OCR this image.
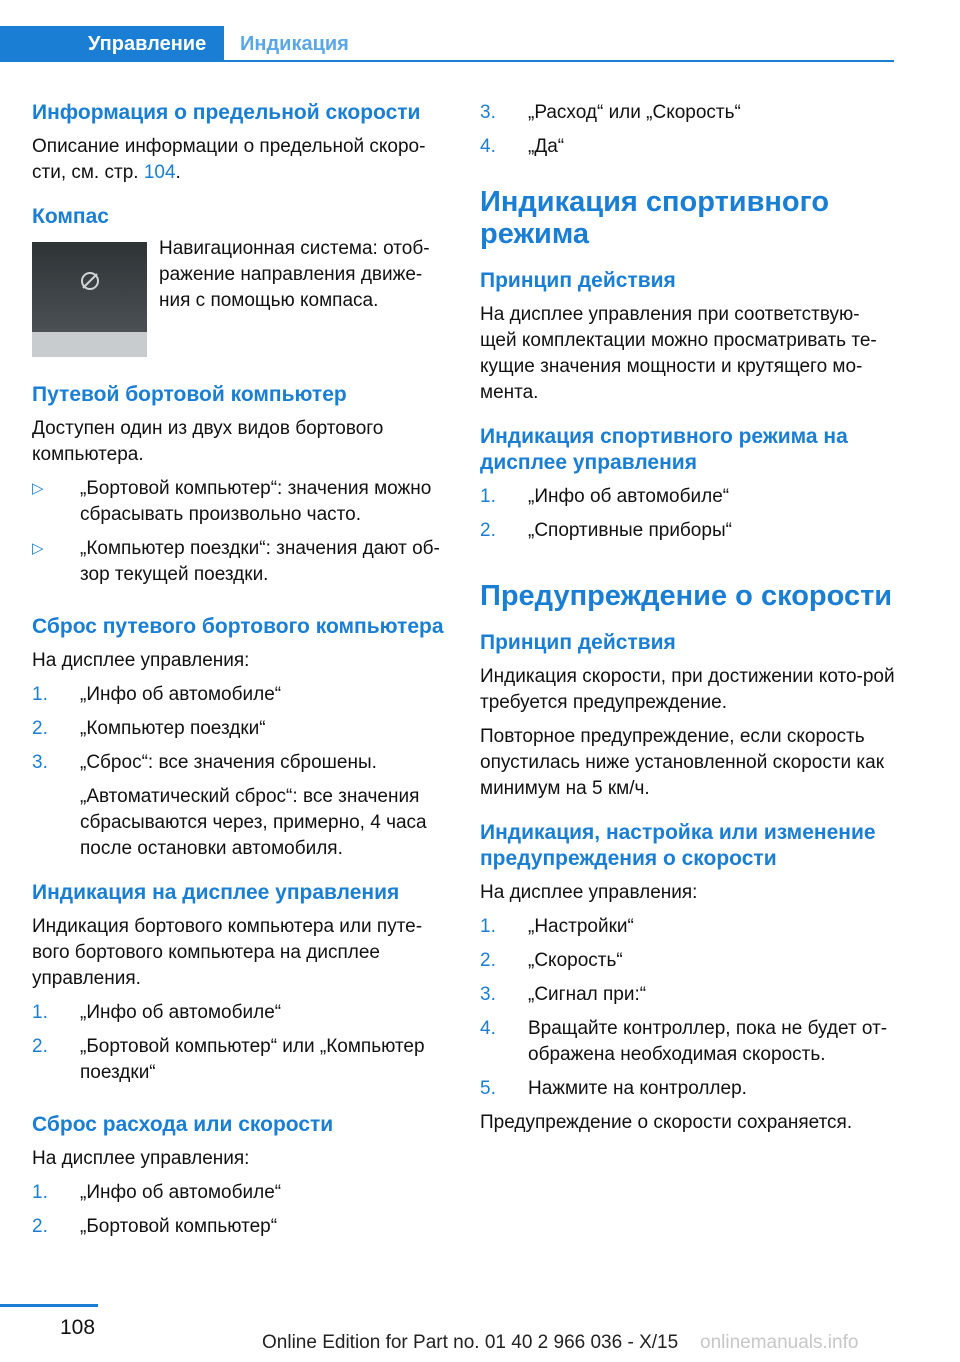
Управление	Индикация
Информация о предельной скорости

Описание информации о предельной скоро‐
сти, см. стр. 104.

Компас

Навигационная система: отоб‐
ражение направления движе‐
ния с помощью компаса.

Путевой бортовой компьютер

Доступен один из двух видов бортового компьютера.

▷ „Бортовой компьютер“: значения можно сбрасывать произвольно часто.
▷ „Компьютер поездки“: значения дают об‐зор текущей поездки.
Сброс путевого бортового компьютера

На дисплее управления:

1. „Инфо об автомобиле“
2. „Компьютер поездки“
3. „Сброс“: все значения сброшены.
„Автоматический сброс“: все значения сбрасываются через, примерно, 4 часа после остановки автомобиля.
Индикация на дисплее управления

Индикация бортового компьютера или путе‐вого бортового компьютера на дисплее управления.

1. „Инфо об автомобиле“
2. „Бортовой компьютер“ или „Компьютер поездки“
Сброс расхода или скорости

На дисплее управления:

1. „Инфо об автомобиле“
2. „Бортовой компьютер“
3. „Расход“ или „Скорость“
4. „Да“
Индикация спортивного режима
Принцип действия

На дисплее управления при соответствую‐щей комплектации можно просматривать те‐кущие значения мощности и крутящего мо‐мента.

Индикация спортивного режима на дисплее управления
1. „Инфо об автомобиле“
2. „Спортивные приборы“
Предупреждение о скорости
Принцип действия

Индикация скорости, при достижении кото‐рой требуется предупреждение.

Повторное предупреждение, если скорость опустилась ниже установленной скорости как минимум на 5 км/ч.

Индикация, настройка или изменение предупреждения о скорости

На дисплее управления:

1. „Настройки“
2. „Скорость“
3. „Сигнал при:“
4. Вращайте контроллер, пока не будет от‐ображена необходимая скорость.
5. Нажмите на контроллер.

Предупреждение о скорости сохраняется.

108
Online Edition for Part no. 01 40 2 966 036 - X/15 onlinemanuals.info
